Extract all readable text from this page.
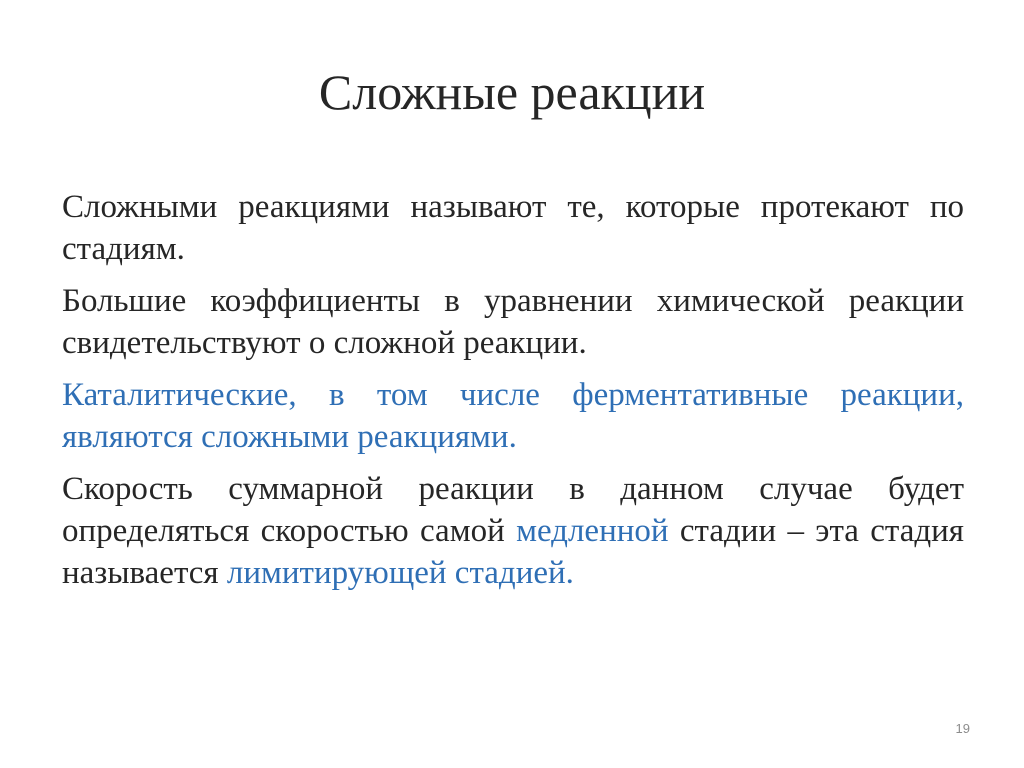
Сложные реакции

Сложными реакциями называют те, которые протекают по стадиям.

Большие коэффициенты в уравнении химической реакции свидетельствуют о сложной реакции.

Каталитические, в том числе ферментативные реакции, являются сложными реакциями.

Скорость суммарной реакции в данном случае будет определяться скоростью самой медленной стадии – эта стадия называется лимитирующей стадией.

19
